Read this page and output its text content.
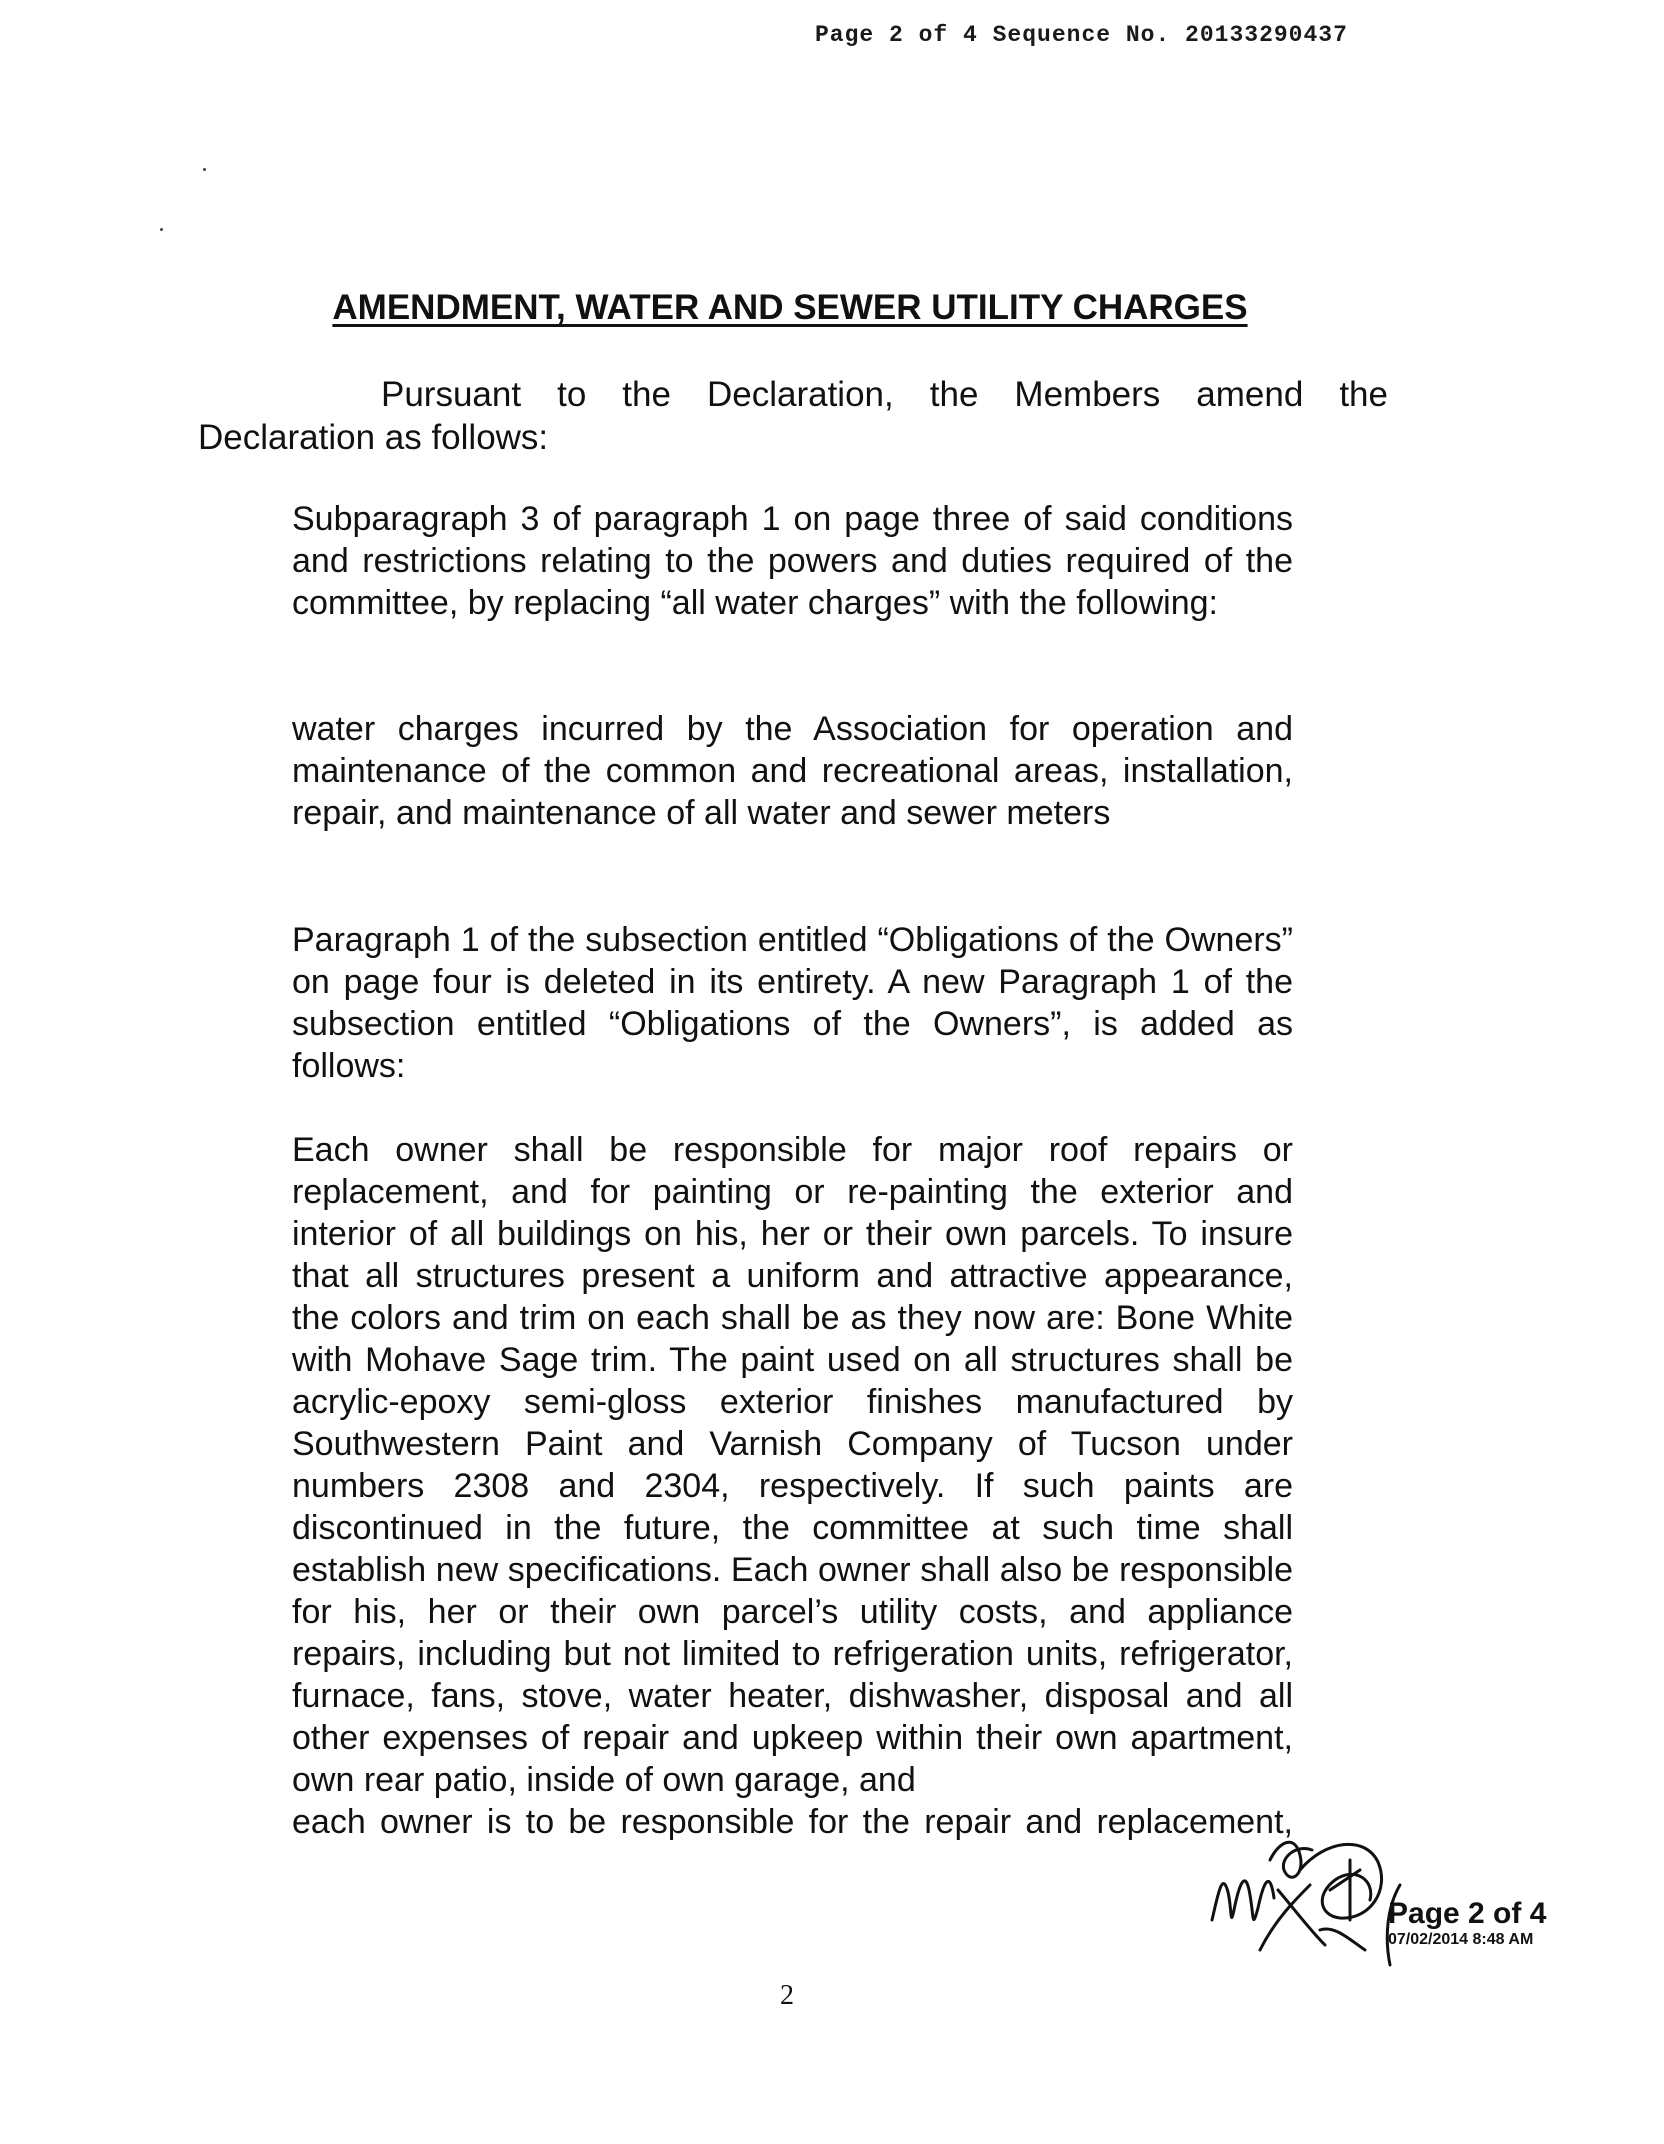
Page 2 of 4 Sequence No. 20133290437
AMENDMENT, WATER AND SEWER UTILITY CHARGES

Pursuant to the Declaration, the Members amend the
Declaration as follows:

Subparagraph 3 of paragraph 1 on page three of said conditions and restrictions relating to the powers and duties required of the committee, by replacing “all water charges” with the following:

water charges incurred by the Association for operation and maintenance of the common and recreational areas, installation, repair, and maintenance of all water and sewer meters

Paragraph 1 of the subsection entitled “Obligations of the Owners” on page four is deleted in its entirety. A new Paragraph 1 of the subsection entitled “Obligations of the Owners”, is added as follows:

Each owner shall be responsible for major roof repairs or replacement, and for painting or re-painting the exterior and interior of all buildings on his, her or their own parcels. To insure that all structures present a uniform and attractive appearance, the colors and trim on each shall be as they now are: Bone White with Mohave Sage trim. The paint used on all structures shall be acrylic-epoxy semi-gloss exterior finishes manufactured by Southwestern Paint and Varnish Company of Tucson under numbers 2308 and 2304, respectively. If such paints are discontinued in the future, the committee at such time shall establish new specifications. Each owner shall also be responsible for his, her or their own parcel’s utility costs, and appliance repairs, including but not limited to refrigeration units, refrigerator, furnace, fans, stove, water heater, dishwasher, disposal and all other expenses of repair and upkeep within their own apartment, own rear patio, inside of own garage, and
each owner is to be responsible for the repair and replacement,

Page 2 of 4
07/02/2014 8:48 AM
2
